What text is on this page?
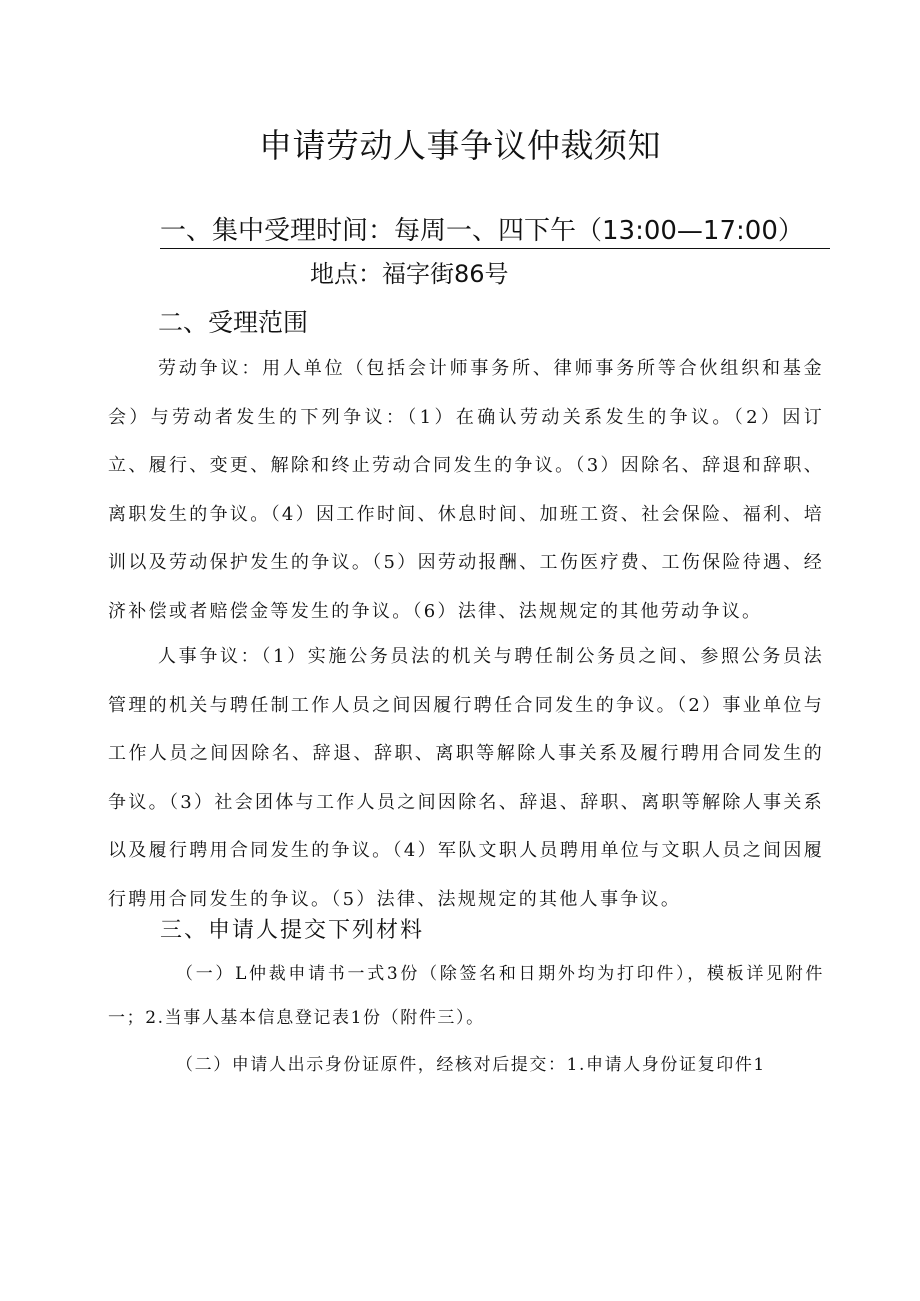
申请劳动人事争议仲裁须知
一、集中受理时间：每周一、四下午（13:00—17:00）
地点：福字街86号
二、受理范围

劳动争议：用人单位（包括会计师事务所、律师事务所等合伙组织和基金会）与劳动者发生的下列争议：（1）在确认劳动关系发生的争议。（2）因订立、履行、变更、解除和终止劳动合同发生的争议。（3）因除名、辞退和辞职、离职发生的争议。（4）因工作时间、休息时间、加班工资、社会保险、福利、培训以及劳动保护发生的争议。（5）因劳动报酬、工伤医疗费、工伤保险待遇、经济补偿或者赔偿金等发生的争议。（6）法律、法规规定的其他劳动争议。

人事争议：（1）实施公务员法的机关与聘任制公务员之间、参照公务员法管理的机关与聘任制工作人员之间因履行聘任合同发生的争议。（2）事业单位与工作人员之间因除名、辞退、辞职、离职等解除人事关系及履行聘用合同发生的争议。（3）社会团体与工作人员之间因除名、辞退、辞职、离职等解除人事关系以及履行聘用合同发生的争议。（4）军队文职人员聘用单位与文职人员之间因履行聘用合同发生的争议。（5）法律、法规规定的其他人事争议。

三、申请人提交下列材料

（一）L仲裁申请书一式3份（除签名和日期外均为打印件），模板详见附件一；2.当事人基本信息登记表1份（附件三）。

（二）申请人出示身份证原件，经核对后提交：1.申请人身份证复印件1
